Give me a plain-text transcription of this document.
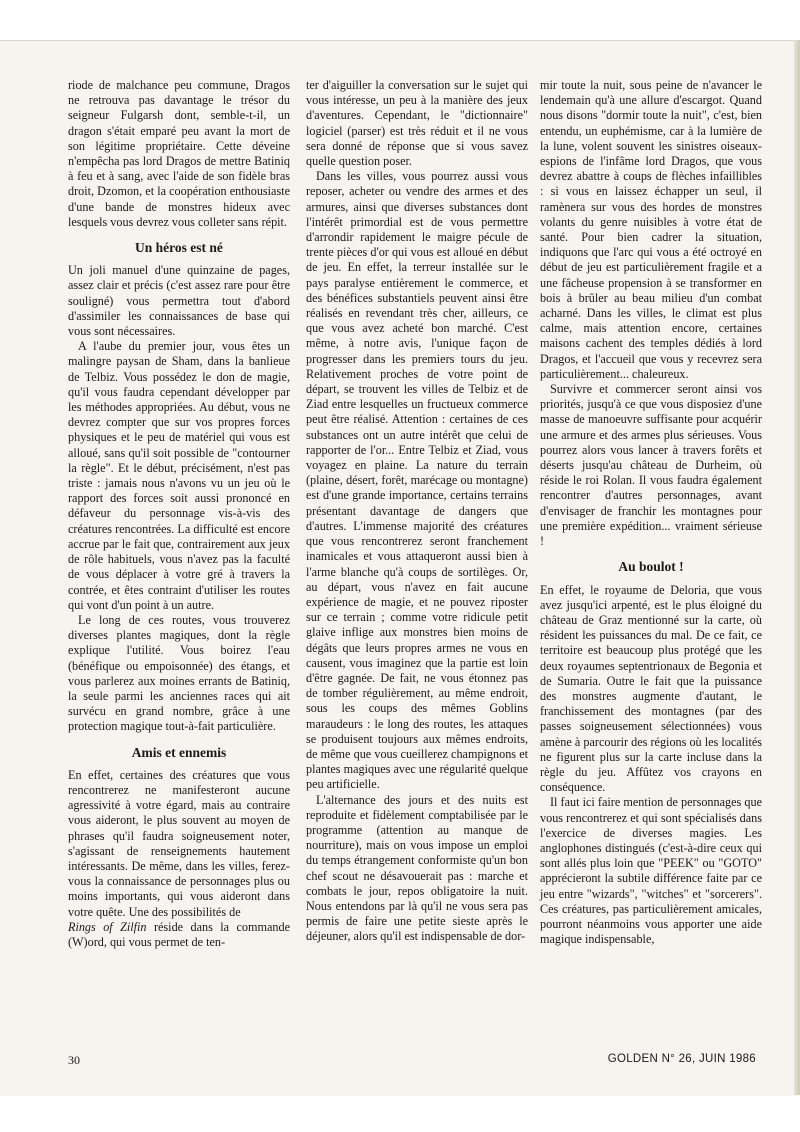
riode de malchance peu commune, Dragos ne retrouva pas davantage le trésor du seigneur Fulgarsh dont, semble-t-il, un dragon s'était emparé peu avant la mort de son légitime propriétaire. Cette déveine n'empêcha pas lord Dragos de mettre Batiniq à feu et à sang, avec l'aide de son fidèle bras droit, Dzomon, et la coopération enthousiaste d'une bande de monstres hideux avec lesquels vous devrez vous colleter sans répit.

Un héros est né

Un joli manuel d'une quinzaine de pages, assez clair et précis (c'est assez rare pour être souligné) vous permettra tout d'abord d'assimiler les connaissances de base qui vous sont nécessaires.

A l'aube du premier jour, vous êtes un malingre paysan de Sham, dans la banlieue de Telbiz. Vous possédez le don de magie, qu'il vous faudra cependant développer par les méthodes appropriées. Au début, vous ne devrez compter que sur vos propres forces physiques et le peu de matériel qui vous est alloué, sans qu'il soit possible de "contourner la règle". Et le début, précisément, n'est pas triste : jamais nous n'avons vu un jeu où le rapport des forces soit aussi prononcé en défaveur du personnage vis-à-vis des créatures rencontrées. La difficulté est encore accrue par le fait que, contrairement aux jeux de rôle habituels, vous n'avez pas la faculté de vous déplacer à votre gré à travers la contrée, et êtes contraint d'utiliser les routes qui vont d'un point à un autre.

Le long de ces routes, vous trouverez diverses plantes magiques, dont la règle explique l'utilité. Vous boirez l'eau (bénéfique ou empoisonnée) des étangs, et vous parlerez aux moines errants de Batiniq, la seule parmi les anciennes races qui ait survécu en grand nombre, grâce à une protection magique tout-à-fait particulière.

Amis et ennemis

En effet, certaines des créatures que vous rencontrerez ne manifesteront aucune agressivité à votre égard, mais au contraire vous aideront, le plus souvent au moyen de phrases qu'il faudra soigneusement noter, s'agissant de renseignements hautement intéressants. De même, dans les villes, ferez-vous la connaissance de personnages plus ou moins importants, qui vous aideront dans votre quête. Une des possibilités de

Rings of Zilfin réside dans la commande (W)ord, qui vous permet de ten-

ter d'aiguiller la conversation sur le sujet qui vous intéresse, un peu à la manière des jeux d'aventures. Cependant, le "dictionnaire" logiciel (parser) est très réduit et il ne vous sera donné de réponse que si vous savez quelle question poser.

Dans les villes, vous pourrez aussi vous reposer, acheter ou vendre des armes et des armures, ainsi que diverses substances dont l'intérêt primordial est de vous permettre d'arrondir rapidement le maigre pécule de trente pièces d'or qui vous est alloué en début de jeu. En effet, la terreur installée sur le pays paralyse entièrement le commerce, et des bénéfices substantiels peuvent ainsi être réalisés en revendant très cher, ailleurs, ce que vous avez acheté bon marché. C'est même, à notre avis, l'unique façon de progresser dans les premiers tours du jeu. Relativement proches de votre point de départ, se trouvent les villes de Telbiz et de Ziad entre lesquelles un fructueux commerce peut être réalisé. Attention : certaines de ces substances ont un autre intérêt que celui de rapporter de l'or... Entre Telbiz et Ziad, vous voyagez en plaine. La nature du terrain (plaine, désert, forêt, marécage ou montagne) est d'une grande importance, certains terrains présentant davantage de dangers que d'autres. L'immense majorité des créatures que vous rencontrerez seront franchement inamicales et vous attaqueront aussi bien à l'arme blanche qu'à coups de sortilèges. Or, au départ, vous n'avez en fait aucune expérience de magie, et ne pouvez riposter sur ce terrain ; comme votre ridicule petit glaive inflige aux monstres bien moins de dégâts que leurs propres armes ne vous en causent, vous imaginez que la partie est loin d'être gagnée. De fait, ne vous étonnez pas de tomber régulièrement, au même endroit, sous les coups des mêmes Goblins maraudeurs : le long des routes, les attaques se produisent toujours aux mêmes endroits, de même que vous cueillerez champignons et plantes magiques avec une régularité quelque peu artificielle.

L'alternance des jours et des nuits est reproduite et fidèlement comptabilisée par le programme (attention au manque de nourriture), mais on vous impose un emploi du temps étrangement conformiste qu'un bon chef scout ne désavouerait pas : marche et combats le jour, repos obligatoire la nuit. Nous entendons par là qu'il ne vous sera pas permis de faire une petite sieste après le déjeuner, alors qu'il est indispensable de dor-

mir toute la nuit, sous peine de n'avancer le lendemain qu'à une allure d'escargot. Quand nous disons "dormir toute la nuit", c'est, bien entendu, un euphémisme, car à la lumière de la lune, volent souvent les sinistres oiseaux-espions de l'infâme lord Dragos, que vous devrez abattre à coups de flèches infaillibles : si vous en laissez échapper un seul, il ramènera sur vous des hordes de monstres volants du genre nuisibles à votre état de santé. Pour bien cadrer la situation, indiquons que l'arc qui vous a été octroyé en début de jeu est particulièrement fragile et a une fâcheuse propension à se transformer en bois à brûler au beau milieu d'un combat acharné. Dans les villes, le climat est plus calme, mais attention encore, certaines maisons cachent des temples dédiés à lord Dragos, et l'accueil que vous y recevrez sera particulièrement... chaleureux.

Survivre et commercer seront ainsi vos priorités, jusqu'à ce que vous disposiez d'une masse de manoeuvre suffisante pour acquérir une armure et des armes plus sérieuses. Vous pourrez alors vous lancer à travers forêts et déserts jusqu'au château de Durheim, où réside le roi Rolan. Il vous faudra également rencontrer d'autres personnages, avant d'envisager de franchir les montagnes pour une première expédition... vraiment sérieuse !

Au boulot !

En effet, le royaume de Deloria, que vous avez jusqu'ici arpenté, est le plus éloigné du château de Graz mentionné sur la carte, où résident les puissances du mal. De ce fait, ce territoire est beaucoup plus protégé que les deux royaumes septentrionaux de Begonia et de Sumaria. Outre le fait que la puissance des monstres augmente d'autant, le franchissement des montagnes (par des passes soigneusement sélectionnées) vous amène à parcourir des régions où les localités ne figurent plus sur la carte incluse dans la règle du jeu. Affûtez vos crayons en conséquence.

Il faut ici faire mention de personnages que vous rencontrerez et qui sont spécialisés dans l'exercice de diverses magies. Les anglophones distingués (c'est-à-dire ceux qui sont allés plus loin que "PEEK" ou "GOTO" apprécieront la subtile différence faite par ce jeu entre "wizards", "witches" et "sorcerers". Ces créatures, pas particulièrement amicales, pourront néanmoins vous apporter une aide magique indispensable,

30	GOLDEN N° 26, JUIN 1986
